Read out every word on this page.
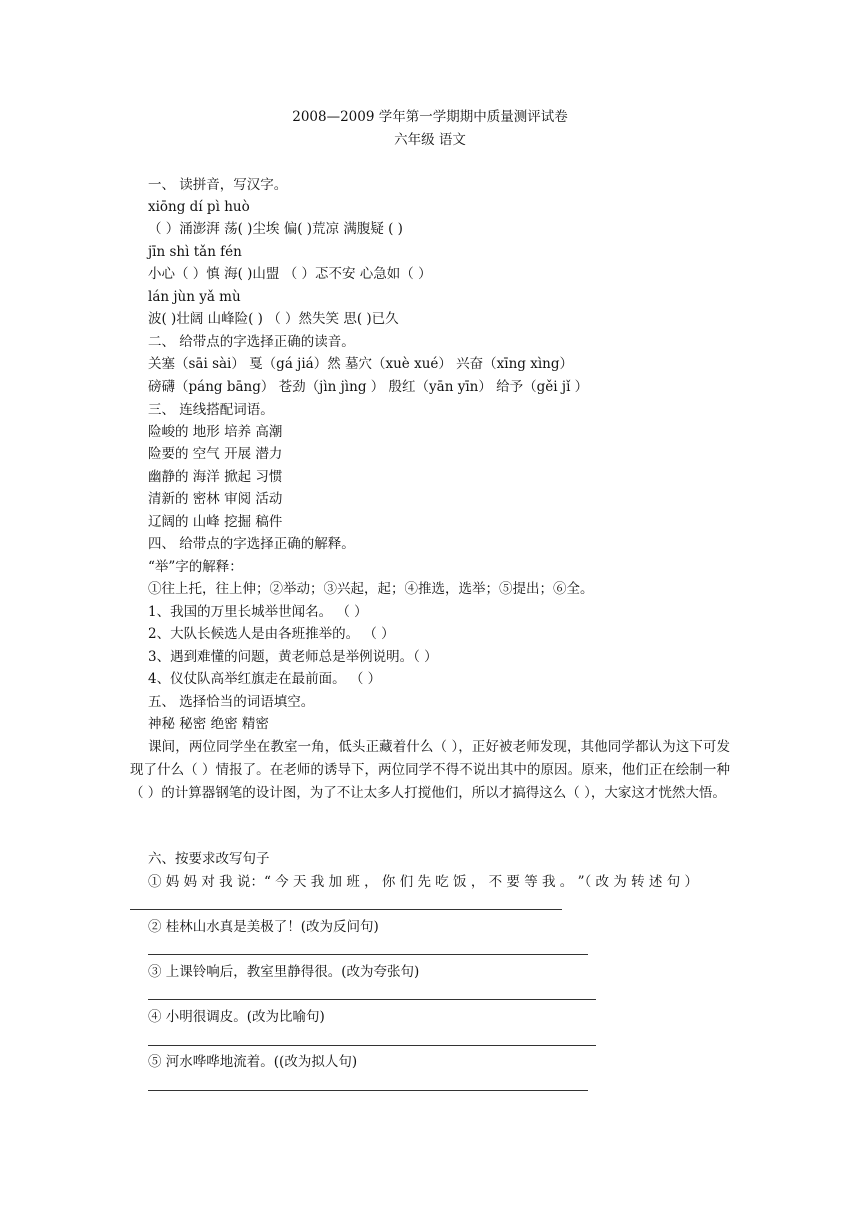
2008—2009 学年第一学期期中质量测评试卷
六年级 语文
一、 读拼音，写汉字。
xiōng dí pì huò
（ ）涌澎湃 荡( )尘埃 偏( )荒凉 满腹疑 ( )
jīn shì tǎn fén
小心（ ）慎 海( )山盟 （ ）忑不安 心急如（ ）
lán jùn yǎ mù
波( )壮阔 山峰险( ) （ ）然失笑 思( )已久
二、 给带点的字选择正确的读音。
关塞（sāi sài） 戛（gá jiá）然 墓穴（xuè xué） 兴奋（xīng xìng）
磅礴（páng bāng） 苍劲（jìn jìng ） 殷红（yān yīn） 给予（gěi jǐ ）
三、 连线搭配词语。
险峻的 地形 培养 高潮
险要的 空气 开展 潜力
幽静的 海洋 掀起 习惯
清新的 密林 审阅 活动
辽阔的 山峰 挖掘 稿件
四、 给带点的字选择正确的解释。
“举”字的解释：
①往上托，往上伸；②举动；③兴起，起；④推选，选举；⑤提出；⑥全。
1、我国的万里长城举世闻名。 （ ）
2、大队长候选人是由各班推举的。 （ ）
3、遇到难懂的问题，黄老师总是举例说明。（ ）
4、仪仗队高举红旗走在最前面。 （ ）
五、 选择恰当的词语填空。
神秘 秘密 绝密 精密
课间，两位同学坐在教室一角，低头正藏着什么（ ），正好被老师发现，其他同学都认为这下可发现了什么（ ）情报了。在老师的诱导下，两位同学不得不说出其中的原因。原来，他们正在绘制一种（ ）的计算器钢笔的设计图，为了不让太多人打搅他们，所以才搞得这么（ ），大家这才恍然大悟。
六、按要求改写句子
① 妈 妈 对 我 说：“ 今 天 我 加 班 ， 你 们 先 吃 饭 ， 不 要 等 我 。 ”（ 改 为 转 述 句 ）
② 桂林山水真是美极了！(改为反问句)
③ 上课铃响后，教室里静得很。(改为夸张句)
④ 小明很调皮。(改为比喻句)
⑤ 河水哗哗地流着。((改为拟人句)
